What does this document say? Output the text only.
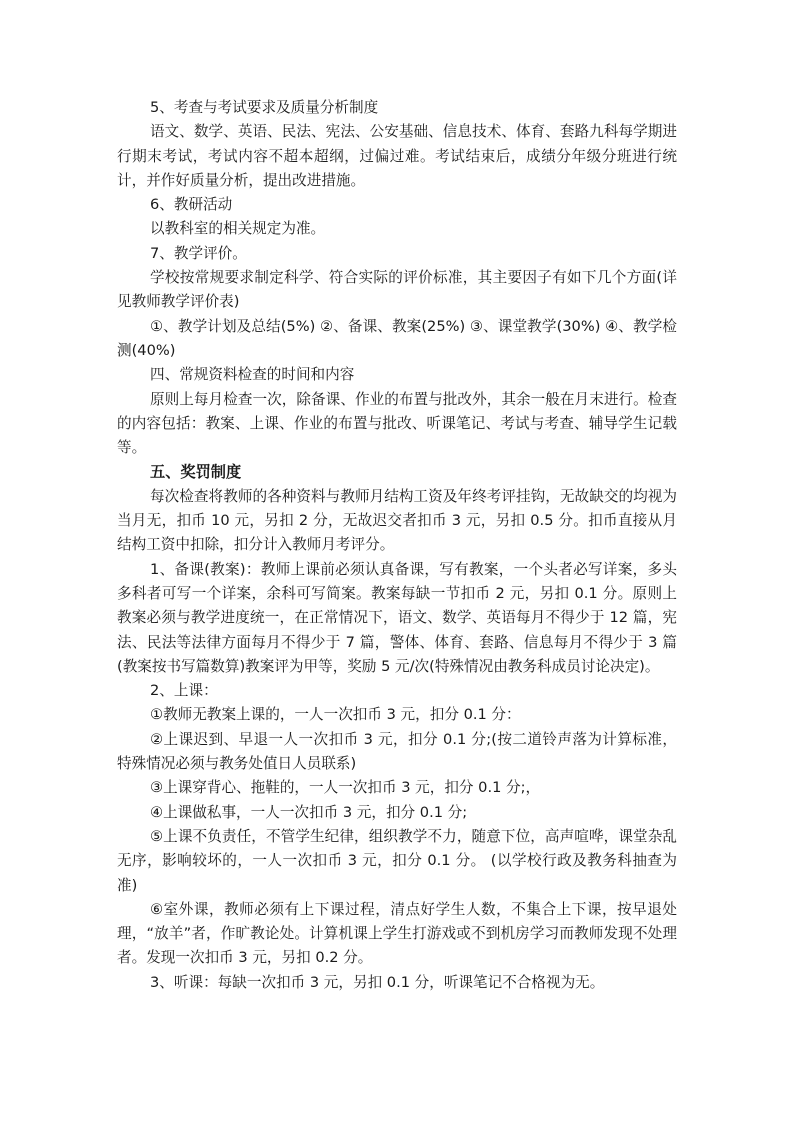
5、考查与考试要求及质量分析制度

语文、数学、英语、民法、宪法、公安基础、信息技术、体育、套路九科每学期进行期末考试，考试内容不超本超纲，过偏过难。考试结束后，成绩分年级分班进行统计，并作好质量分析，提出改进措施。

6、教研活动

以教科室的相关规定为准。

7、教学评价。

学校按常规要求制定科学、符合实际的评价标准，其主要因子有如下几个方面(详见教师教学评价表)

①、教学计划及总结(5%) ②、备课、教案(25%) ③、课堂教学(30%) ④、教学检测(40%)

四、常规资料检查的时间和内容

原则上每月检查一次，除备课、作业的布置与批改外，其余一般在月末进行。检查的内容包括：教案、上课、作业的布置与批改、听课笔记、考试与考查、辅导学生记载等。

五、奖罚制度

每次检查将教师的各种资料与教师月结构工资及年终考评挂钩，无故缺交的均视为当月无，扣币 10 元，另扣 2 分，无故迟交者扣币 3 元，另扣 0.5 分。扣币直接从月结构工资中扣除，扣分计入教师月考评分。

1、备课(教案)：教师上课前必须认真备课，写有教案，一个头者必写详案，多头多科者可写一个详案，余科可写简案。教案每缺一节扣币 2 元，另扣 0.1 分。原则上教案必须与教学进度统一，在正常情况下，语文、数学、英语每月不得少于 12 篇，宪法、民法等法律方面每月不得少于 7 篇，警体、体育、套路、信息每月不得少于 3 篇(教案按书写篇数算)教案评为甲等，奖励 5 元/次(特殊情况由教务科成员讨论决定)。

2、上课：

①教师无教案上课的，一人一次扣币 3 元，扣分 0.1 分：

②上课迟到、早退一人一次扣币 3 元，扣分 0.1 分;(按二道铃声落为计算标准，特殊情况必须与教务处值日人员联系)

③上课穿背心、拖鞋的，一人一次扣币 3 元，扣分 0.1 分;，

④上课做私事，一人一次扣币 3 元，扣分 0.1 分;

⑤上课不负责任，不管学生纪律，组织教学不力，随意下位，高声喧哗，课堂杂乱无序，影响较坏的，一人一次扣币 3 元，扣分 0.1 分。 (以学校行政及教务科抽查为准)

⑥室外课，教师必须有上下课过程，清点好学生人数，不集合上下课，按早退处理，“放羊”者，作旷教论处。计算机课上学生打游戏或不到机房学习而教师发现不处理者。发现一次扣币 3 元，另扣 0.2 分。

3、听课：每缺一次扣币 3 元，另扣 0.1 分，听课笔记不合格视为无。
